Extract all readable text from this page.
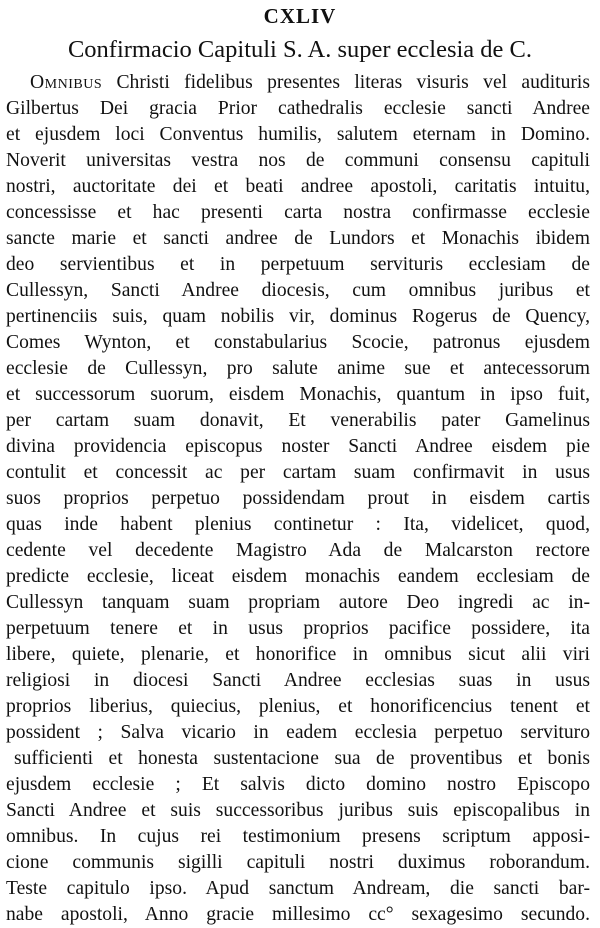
CXLIV
Confirmacio Capituli S. A. super ecclesia de C.
Omnibus Christi fidelibus presentes literas visuris vel audituris
Gilbertus Dei gracia Prior cathedralis ecclesie sancti Andree
et ejusdem loci Conventus humilis, salutem eternam in Domino.
Noverit universitas vestra nos de communi consensu capituli
nostri, auctoritate dei et beati andree apostoli, caritatis intuitu,
concessisse et hac presenti carta nostra confirmasse ecclesie
sancte marie et sancti andree de Lundors et Monachis ibidem
deo servientibus et in perpetuum servituris ecclesiam de
Cullessyn, Sancti Andree diocesis, cum omnibus juribus et
pertinenciis suis, quam nobilis vir, dominus Rogerus de Quency,
Comes Wynton, et constabularius Scocie, patronus ejusdem
ecclesie de Cullessyn, pro salute anime sue et antecessorum
et successorum suorum, eisdem Monachis, quantum in ipso fuit,
per cartam suam donavit, Et venerabilis pater Gamelinus
divina providencia episcopus noster Sancti Andree eisdem pie
contulit et concessit ac per cartam suam confirmavit in usus
suos proprios perpetuo possidendam prout in eisdem cartis
quas inde habent plenius continetur : Ita, videlicet, quod,
cedente vel decedente Magistro Ada de Malcarston rectore
predicte ecclesie, liceat eisdem monachis eandem ecclesiam de
Cullessyn tanquam suam propriam autore Deo ingredi ac in-
perpetuum tenere et in usus proprios pacifice possidere, ita
libere, quiete, plenarie, et honorifice in omnibus sicut alii viri
religiosi in diocesi Sancti Andree ecclesias suas in usus
proprios liberius, quiecius, plenius, et honorificencius tenent et
possident ; Salva vicario in eadem ecclesia perpetuo servituro
sufficienti et honesta sustentacione sua de proventibus et bonis
ejusdem ecclesie ; Et salvis dicto domino nostro Episcopo
Sancti Andree et suis successoribus juribus suis episcopalibus in
omnibus. In cujus rei testimonium presens scriptum apposi-
cione communis sigilli capituli nostri duximus roborandum.
Teste capitulo ipso. Apud sanctum Andream, die sancti bar-
nabe apostoli, Anno gracie millesimo cc° sexagesimo secundo.
